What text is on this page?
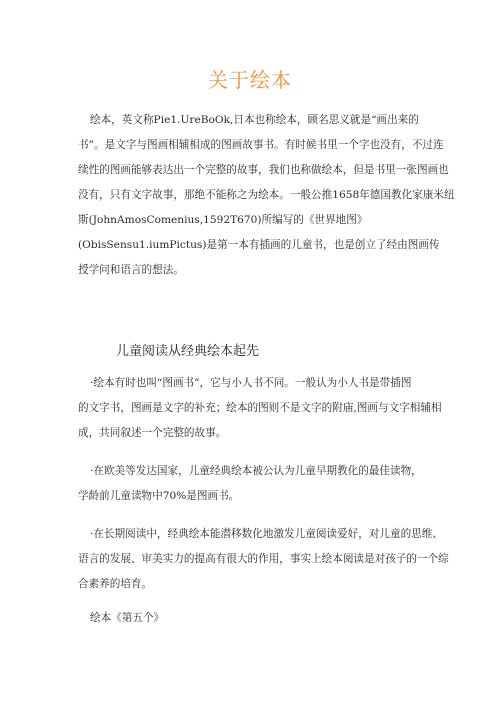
关于绘本
绘本，英文称Pie1.UreBoOk,日本也称绘本，顾名思义就是“画出来的
书”。是文字与图画相辅相成的图画故事书。有时候书里一个字也没有，不过连
续性的图画能够表达出一个完整的故事，我们也称做绘本，但是书里一张图画也
没有，只有文字故事，那绝不能称之为绘本。一般公推1658年德国教化家康米纽
斯(JohnAmosComenius,1592T670)所编写的《世界地图》
(ObisSensu1.iumPictus)是第一本有插画的儿童书，也是创立了经由图画传
授学问和语言的想法。
儿童阅读从经典绘本起先
·绘本有时也叫“图画书”，它与小人书不同。一般认为小人书是带插图
的文字书，图画是文字的补充；绘本的图则不是文字的附庙,图画与文字相辅相
成，共同叙述一个完整的故事。
·在欧美等发达国家，儿童经典绘本被公认为儿童早期教化的最佳读物，
学龄前儿童读物中70%是图画书。
·在长期阅读中，经典绘本能潜移数化地激发儿童阅读爱好，对儿童的思维、
语言的发展、审美实力的提高有很大的作用，事实上绘本阅读是对孩子的一个综
合素养的培育。
绘本《第五个》
